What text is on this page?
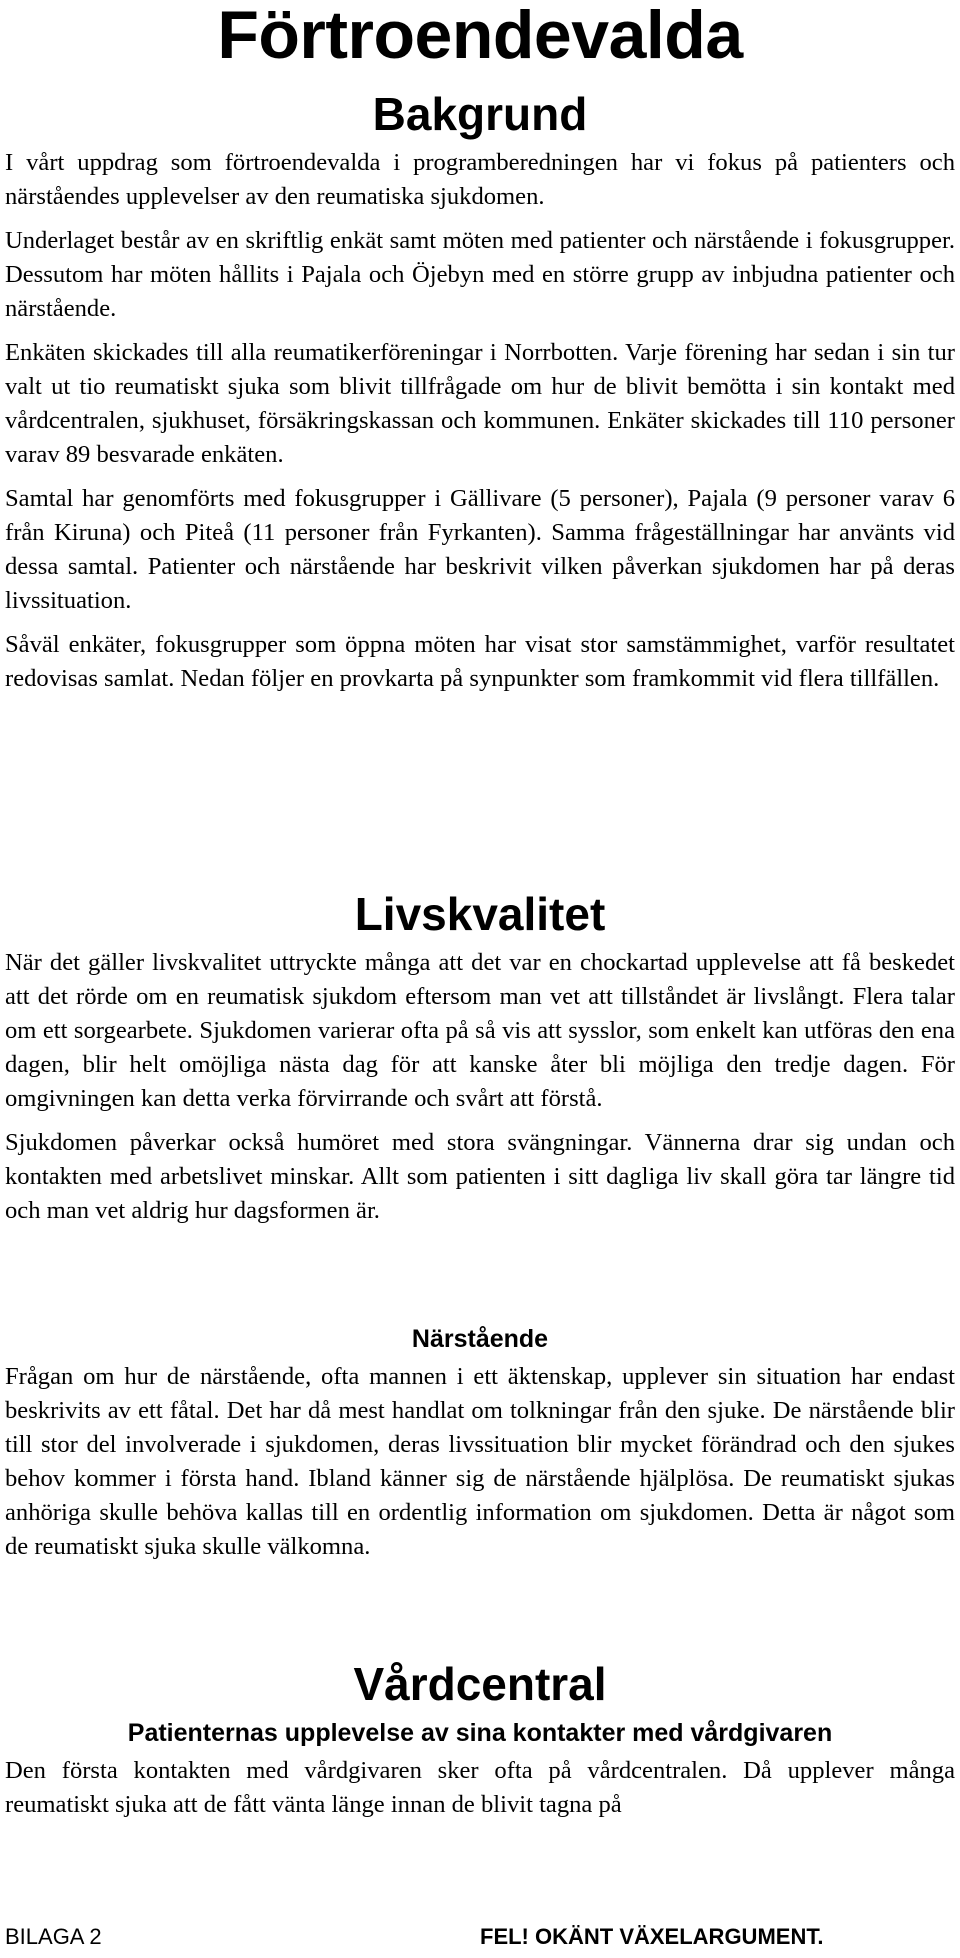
Förtroendevalda
Bakgrund

I vårt uppdrag som förtroendevalda i programberedningen har vi fokus på patienters och närståendes upplevelser av den reumatiska sjukdomen.

Underlaget består av en skriftlig enkät samt möten med patienter och närstående i fokusgrupper. Dessutom har möten hållits i Pajala och Öjebyn med en större grupp av inbjudna patienter och närstående.

Enkäten skickades till alla reumatikerföreningar i Norrbotten. Varje förening har sedan i sin tur valt ut tio reumatiskt sjuka som blivit tillfrågade om hur de blivit bemötta i sin kontakt med vårdcentralen, sjukhuset, försäkringskassan och kommunen. Enkäter skickades till 110 personer varav 89 besvarade enkäten.

Samtal har genomförts med fokusgrupper i Gällivare (5 personer), Pajala (9 personer varav 6 från Kiruna) och Piteå (11 personer från Fyrkanten). Samma frågeställningar har använts vid dessa samtal. Patienter och närstående har beskrivit vilken påverkan sjukdomen har på deras livssituation.

Såväl enkäter, fokusgrupper som öppna möten har visat stor samstämmighet, varför resultatet redovisas samlat. Nedan följer en provkarta på synpunkter som framkommit vid flera tillfällen.

Livskvalitet

När det gäller livskvalitet uttryckte många att det var en chockartad upplevelse att få beskedet att det rörde om en reumatisk sjukdom eftersom man vet att tillståndet är livslångt. Flera talar om ett sorgearbete. Sjukdomen varierar ofta på så vis att sysslor, som enkelt kan utföras den ena dagen, blir helt omöjliga nästa dag för att kanske åter bli möjliga den tredje dagen. För omgivningen kan detta verka förvirrande och svårt att förstå.

Sjukdomen påverkar också humöret med stora svängningar. Vännerna drar sig undan och kontakten med arbetslivet minskar. Allt som patienten i sitt dagliga liv skall göra tar längre tid och man vet aldrig hur dagsformen är.

Närstående

Frågan om hur de närstående, ofta mannen i ett äktenskap, upplever sin situation har endast beskrivits av ett fåtal. Det har då mest handlat om tolkningar från den sjuke. De närstående blir till stor del involverade i sjukdomen, deras livssituation blir mycket förändrad och den sjukes behov kommer i första hand. Ibland känner sig de närstående hjälplösa. De reumatiskt sjukas anhöriga skulle behöva kallas till en ordentlig information om sjukdomen. Detta är något som de reumatiskt sjuka skulle välkomna.

Vårdcentral
Patienternas upplevelse av sina kontakter med vårdgivaren

Den första kontakten med vårdgivaren sker ofta på vårdcentralen. Då upplever många reumatiskt sjuka att de fått vänta länge innan de blivit tagna på

BILAGA 2	FEL! OKÄNT VÄXELARGUMENT.
